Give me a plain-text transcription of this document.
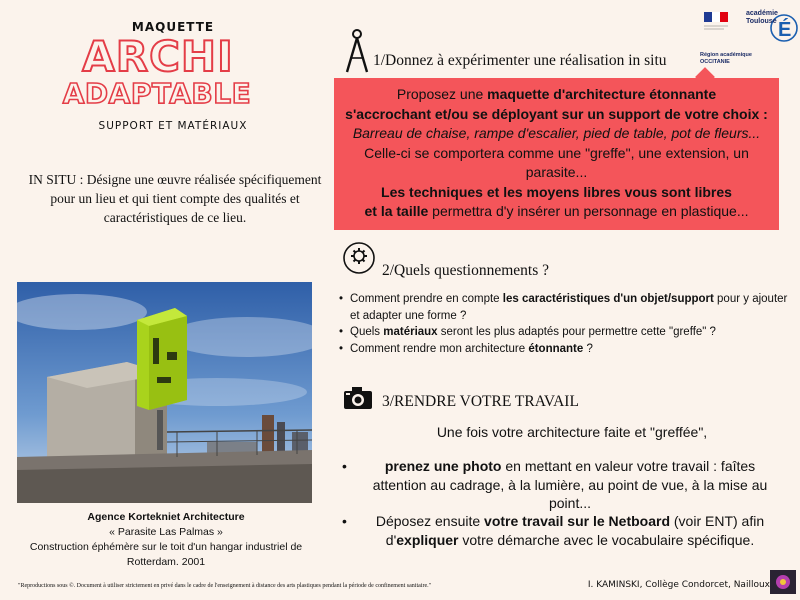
MAQUETTE
ARCHI
ADAPTABLE
SUPPORT ET MATÉRIAUX
IN SITU : Désigne une œuvre réalisée spécifiquement pour un lieu et qui tient compte des qualités et caractéristiques de ce lieu.
Agence Kortekniet Architecture
« Parasite Las Palmas »
Construction éphémère sur le toit d'un hangar industriel de Rotterdam. 2001
É
académie Toulouse
Région académique OCCITANIE
1/Donnez à expérimenter une réalisation in situ
Proposez une maquette d'architecture étonnante
s'accrochant et/ou se déployant sur un support de votre choix :
Barreau de chaise, rampe d'escalier, pied de table, pot de fleurs...
Celle-ci se comportera comme une "greffe", une extension, un parasite...
Les techniques et les moyens libres vous sont libres
et la taille permettra d'y insérer un personnage en plastique...
2/Quels questionnements ?
• Comment prendre en compte les caractéristiques d'un objet/support pour y ajouter et adapter une forme ?
• Quels matériaux seront les plus adaptés pour permettre cette "greffe" ?
• Comment rendre mon architecture étonnante ?
3/RENDRE VOTRE TRAVAIL
Une fois votre architecture faite et "greffée",
•	prenez une photo en mettant en valeur votre travail : faîtes attention au cadrage, à la lumière, au point de vue, à la mise au point...
•	Déposez ensuite votre travail sur le Netboard (voir ENT) afin d'expliquer votre démarche avec le vocabulaire spécifique.
"Reproductions sous ©. Document à utiliser strictement en privé dans le cadre de l'enseignement à distance des arts plastiques pendant la période de confinement sanitaire."	I. KAMINSKI, Collège Condorcet, Nailloux
